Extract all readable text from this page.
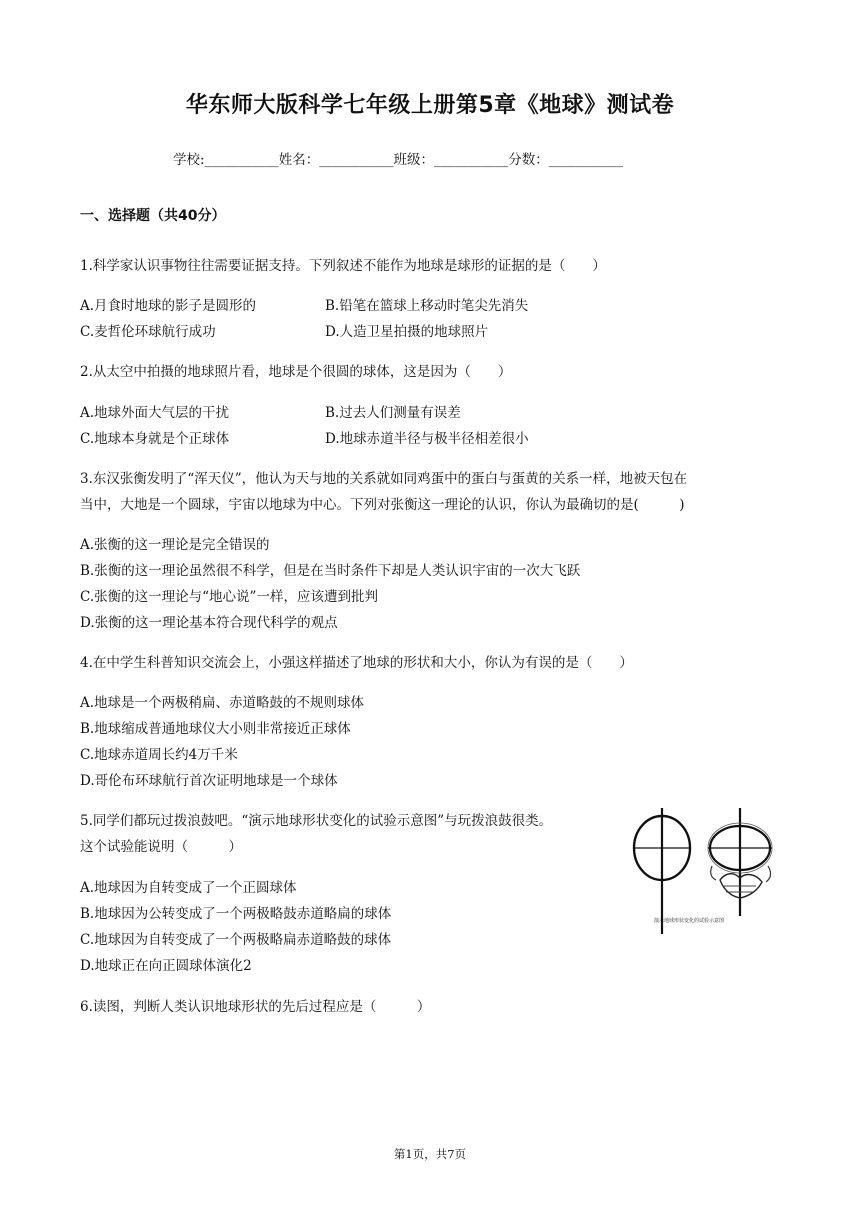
华东师大版科学七年级上册第5章《地球》测试卷
学校:___________姓名：___________班级：___________分数：___________
一、选择题（共40分）
1.科学家认识事物往往需要证据支持。下列叙述不能作为地球是球形的证据的是（　　）
A.月食时地球的影子是圆形的	B.铅笔在篮球上移动时笔尖先消失
C.麦哲伦环球航行成功	D.人造卫星拍摄的地球照片
2.从太空中拍摄的地球照片看，地球是个很圆的球体，这是因为（　　）
A.地球外面大气层的干扰	B.过去人们测量有误差
C.地球本身就是个正球体	D.地球赤道半径与极半径相差很小
3.东汉张衡发明了“浑天仪”，他认为天与地的关系就如同鸡蛋中的蛋白与蛋黄的关系一样，地被天包在
当中，大地是一个圆球，宇宙以地球为中心。下列对张衡这一理论的认识，你认为最确切的是(　　　)
A.张衡的这一理论是完全错误的
B.张衡的这一理论虽然很不科学，但是在当时条件下却是人类认识宇宙的一次大飞跃
C.张衡的这一理论与“地心说”一样，应该遭到批判
D.张衡的这一理论基本符合现代科学的观点
4.在中学生科普知识交流会上，小强这样描述了地球的形状和大小，你认为有误的是（　　）
A.地球是一个两极稍扁、赤道略鼓的不规则球体
B.地球缩成普通地球仪大小则非常接近正球体
C.地球赤道周长约4万千米
D.哥伦布环球航行首次证明地球是一个球体
5.同学们都玩过拨浪鼓吧。“演示地球形状变化的试验示意图”与玩拨浪鼓很类。
这个试验能说明（　　　）
A.地球因为自转变成了一个正圆球体
B.地球因为公转变成了一个两极略鼓赤道略扁的球体
C.地球因为自转变成了一个两极略扁赤道略鼓的球体
D.地球正在向正圆球体演化2
演示地球形状变化的试验示意图
6.读图，判断人类认识地球形状的先后过程应是（　　　）
第1页，共7页
